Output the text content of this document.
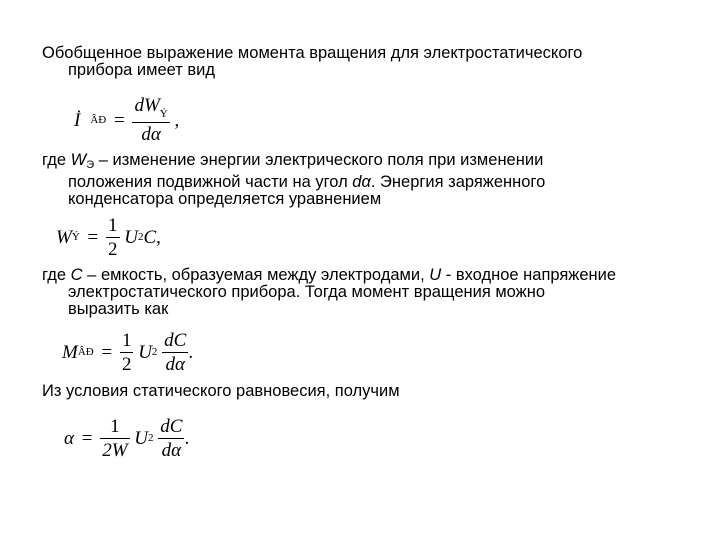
Обобщенное выражение момента вращения для электростатического
прибора имеет вид
İ ÂÐ = $\frac{dW_Ý}{d\alpha}$ ,
где $W_Э$ – изменение энергии электрического поля при изменении
положения подвижной части на угол dα. Энергия заряженного
конденсатора определяется уравнением
WÝ = $\frac{1}{2} U2C$,
где C – емкость, образуемая между электродами, U - входное напряжение
электростатического прибора. Тогда момент вращения можно
выразить как
MÂÐ = $\frac{1}{2} U2 \frac{dC}{d\alpha}$ .
Из условия статического равновесия, получим
$\alpha = \frac{1}{2W} U2 \frac{dC}{d\alpha}$ .
